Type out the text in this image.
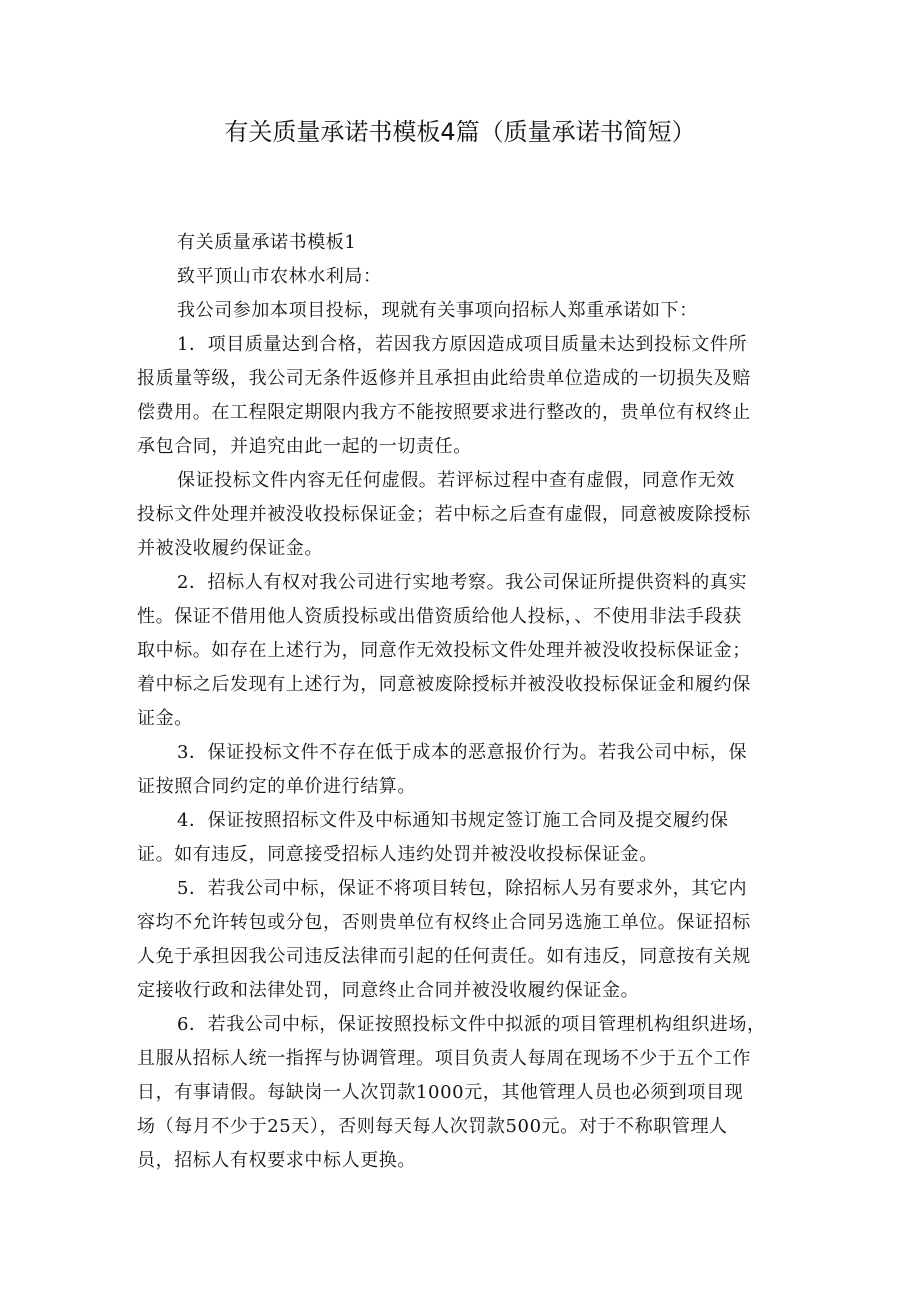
有关质量承诺书模板4篇（质量承诺书简短）
有关质量承诺书模板1
致平顶山市农林水利局：
我公司参加本项目投标，现就有关事项向招标人郑重承诺如下：
1．项目质量达到合格，若因我方原因造成项目质量未达到投标文件所
报质量等级，我公司无条件返修并且承担由此给贵单位造成的一切损失及赔
偿费用。在工程限定期限内我方不能按照要求进行整改的，贵单位有权终止
承包合同，并追究由此一起的一切责任。
保证投标文件内容无任何虚假。若评标过程中查有虚假，同意作无效
投标文件处理并被没收投标保证金；若中标之后查有虚假，同意被废除授标
并被没收履约保证金。
2．招标人有权对我公司进行实地考察。我公司保证所提供资料的真实
性。保证不借用他人资质投标或出借资质给他人投标，、不使用非法手段获
取中标。如存在上述行为，同意作无效投标文件处理并被没收投标保证金；
着中标之后发现有上述行为，同意被废除授标并被没收投标保证金和履约保
证金。
3．保证投标文件不存在低于成本的恶意报价行为。若我公司中标，保
证按照合同约定的单价进行结算。
4．保证按照招标文件及中标通知书规定签订施工合同及提交履约保
证。如有违反，同意接受招标人违约处罚并被没收投标保证金。
5．若我公司中标，保证不将项目转包，除招标人另有要求外，其它内
容均不允许转包或分包，否则贵单位有权终止合同另选施工单位。保证招标
人免于承担因我公司违反法律而引起的任何责任。如有违反，同意按有关规
定接收行政和法律处罚，同意终止合同并被没收履约保证金。
6．若我公司中标，保证按照投标文件中拟派的项目管理机构组织进场，
且服从招标人统一指挥与协调管理。项目负责人每周在现场不少于五个工作
日，有事请假。每缺岗一人次罚款1000元，其他管理人员也必须到项目现
场（每月不少于25天），否则每天每人次罚款500元。对于不称职管理人
员，招标人有权要求中标人更换。
